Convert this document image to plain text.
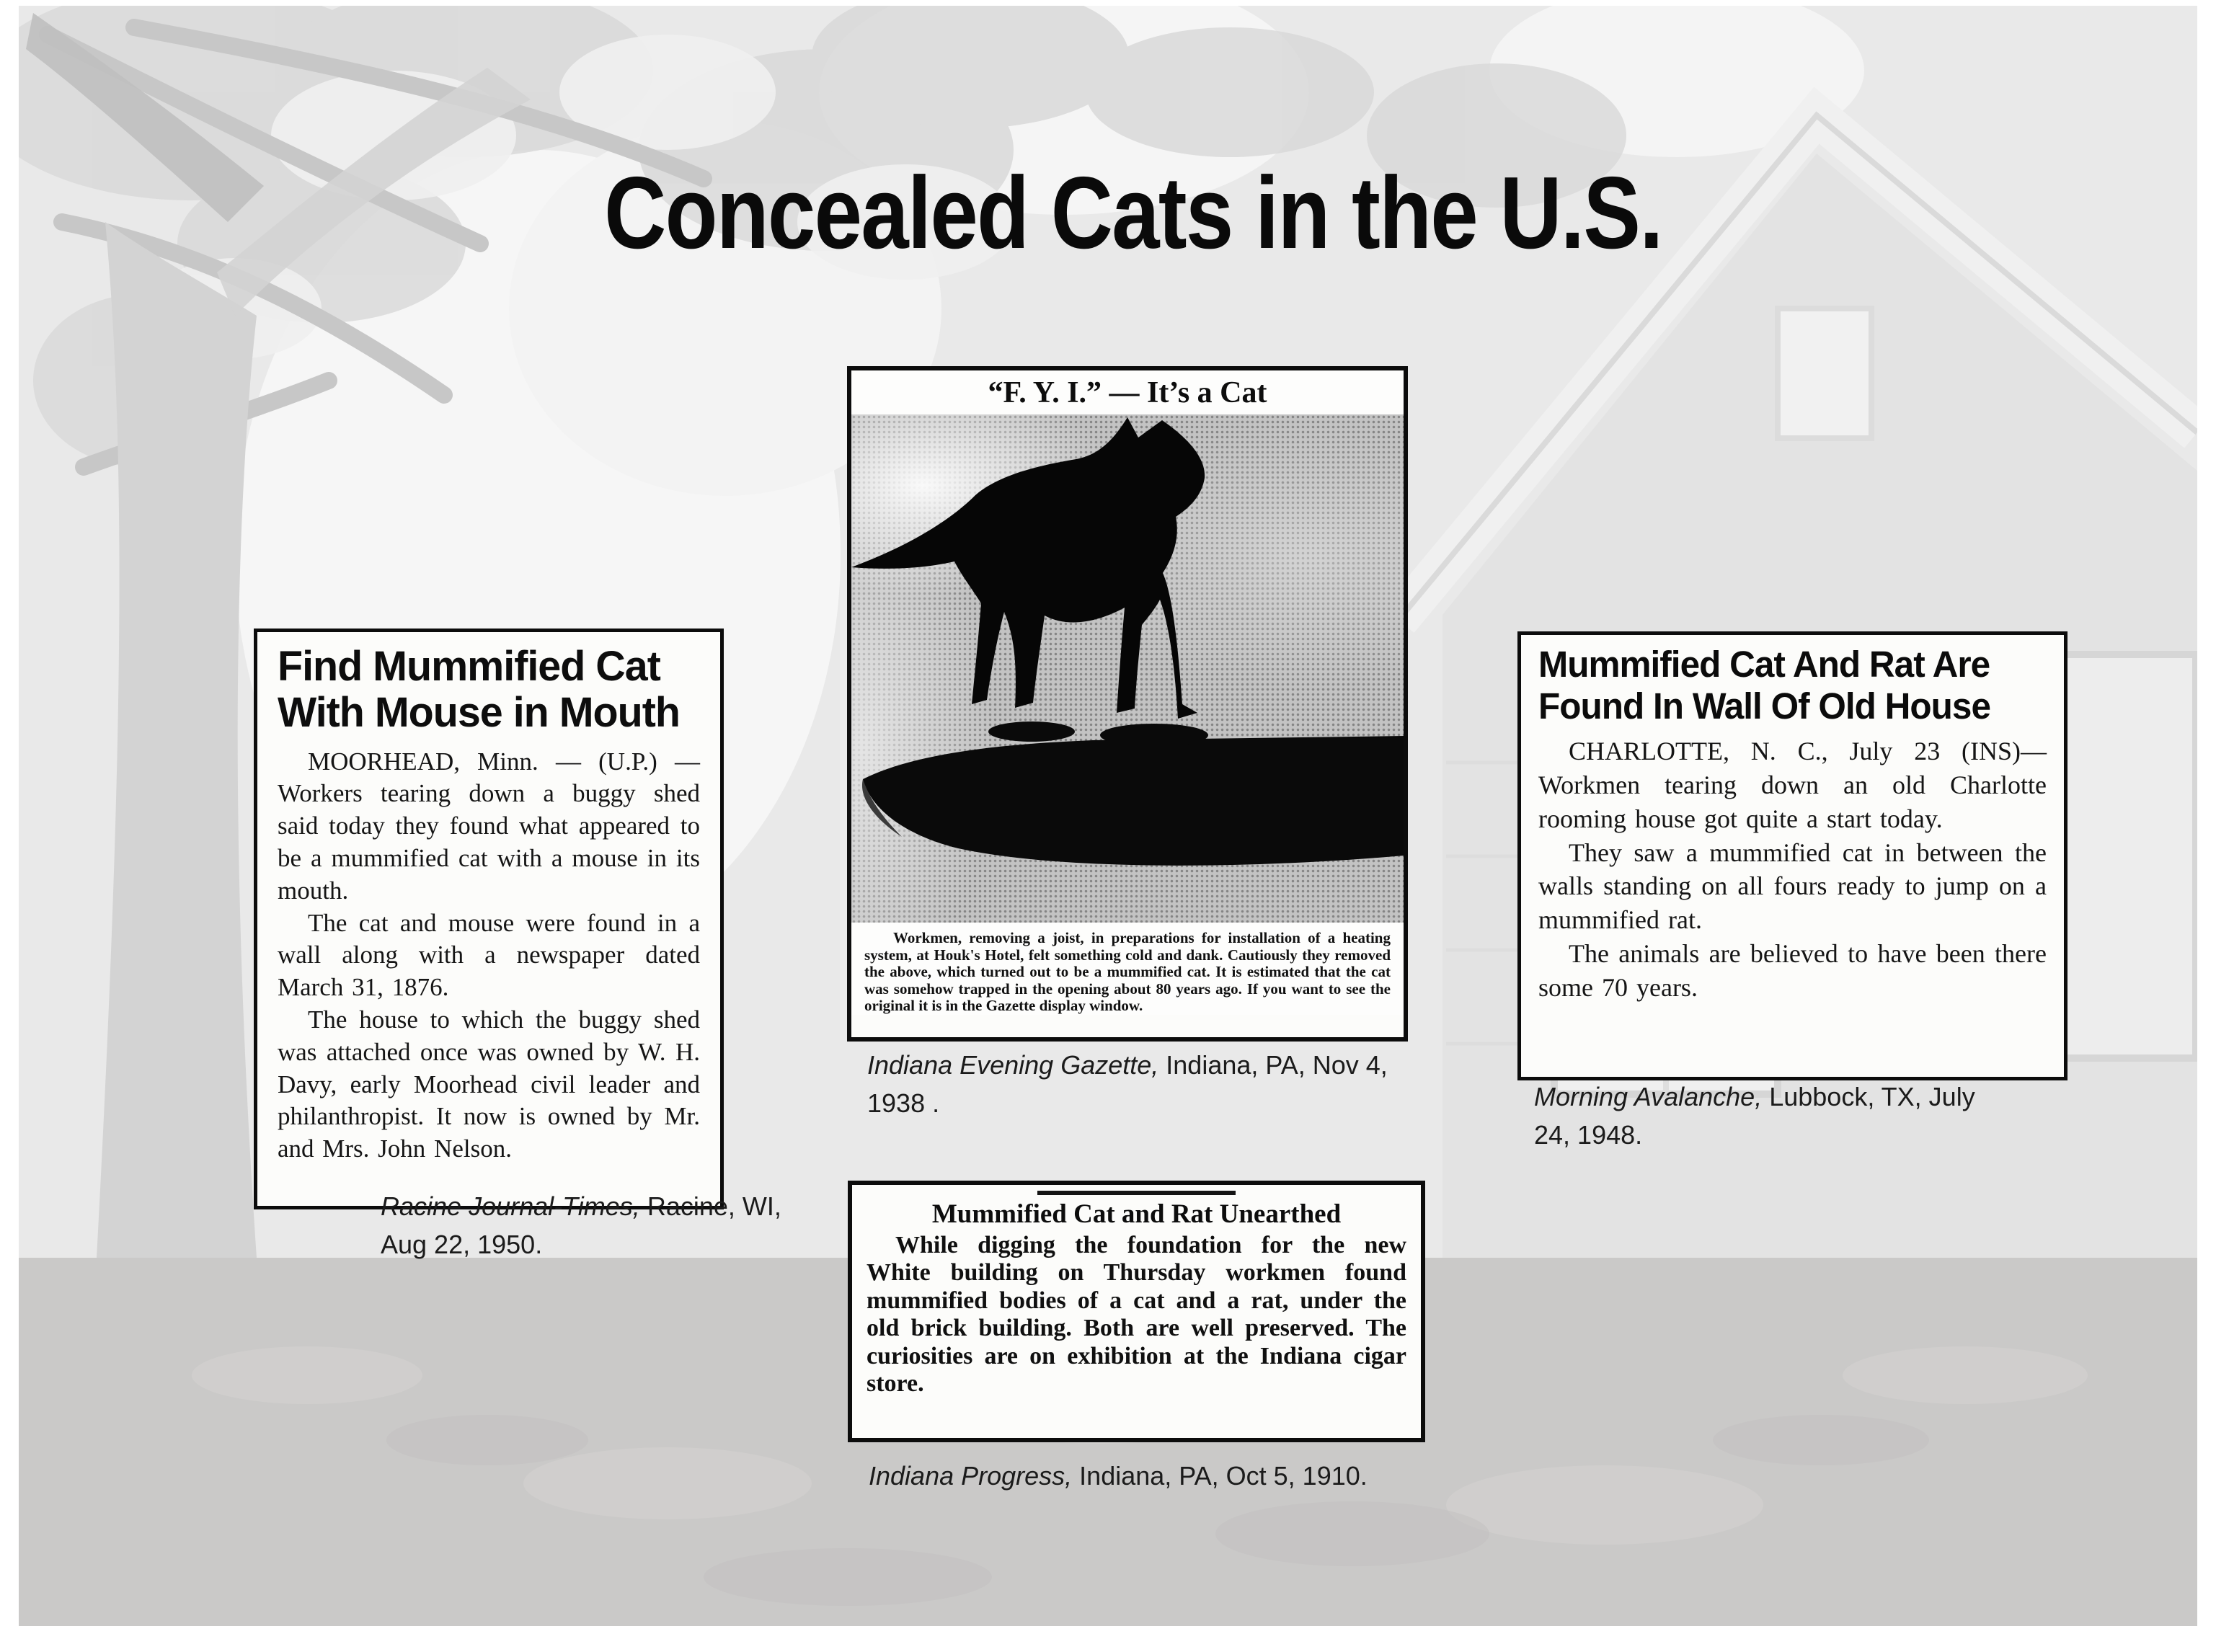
Concealed Cats in the U.S.
Find Mummified Cat
With Mouse in Mouth

MOORHEAD, Minn. — (U.P.) — Workers tearing down a buggy shed said today they found what appeared to be a mummified cat with a mouse in its mouth.

The cat and mouse were found in a wall along with a newspaper dated March 31, 1876.

The house to which the buggy shed was attached once was owned by W. H. Davy, early Moorhead civil leader and philanthropist. It now is owned by Mr. and Mrs. John Nelson.

Racine Journal-Times, Racine, WI, Aug 22, 1950.
“F. Y. I.” — It’s a Cat
Workmen, removing a joist, in preparations for installation of a heating system, at Houk's Hotel, felt something cold and dank. Cautiously they removed the above, which turned out to be a mummified cat. It is estimated that the cat was somehow trapped in the opening about 80 years ago. If you want to see the original it is in the Gazette display window.
Indiana Evening Gazette, Indiana, PA, Nov 4, 1938 .
Mummified Cat And Rat Are
Found In Wall Of Old House

CHARLOTTE, N. C., July 23 (INS)—Workmen tearing down an old Charlotte rooming house got quite a start today.

They saw a mummified cat in between the walls standing on all fours ready to jump on a mummified rat.

The animals are believed to have been there some 70 years.

Morning Avalanche, Lubbock, TX, July 24, 1948.
Mummified Cat and Rat Unearthed
While digging the foundation for the new White building on Thursday workmen found mummified bodies of a cat and a rat, under the old brick building. Both are well preserved. The curiosities are on exhibition at the Indiana cigar store.
Indiana Progress, Indiana, PA, Oct 5, 1910.
